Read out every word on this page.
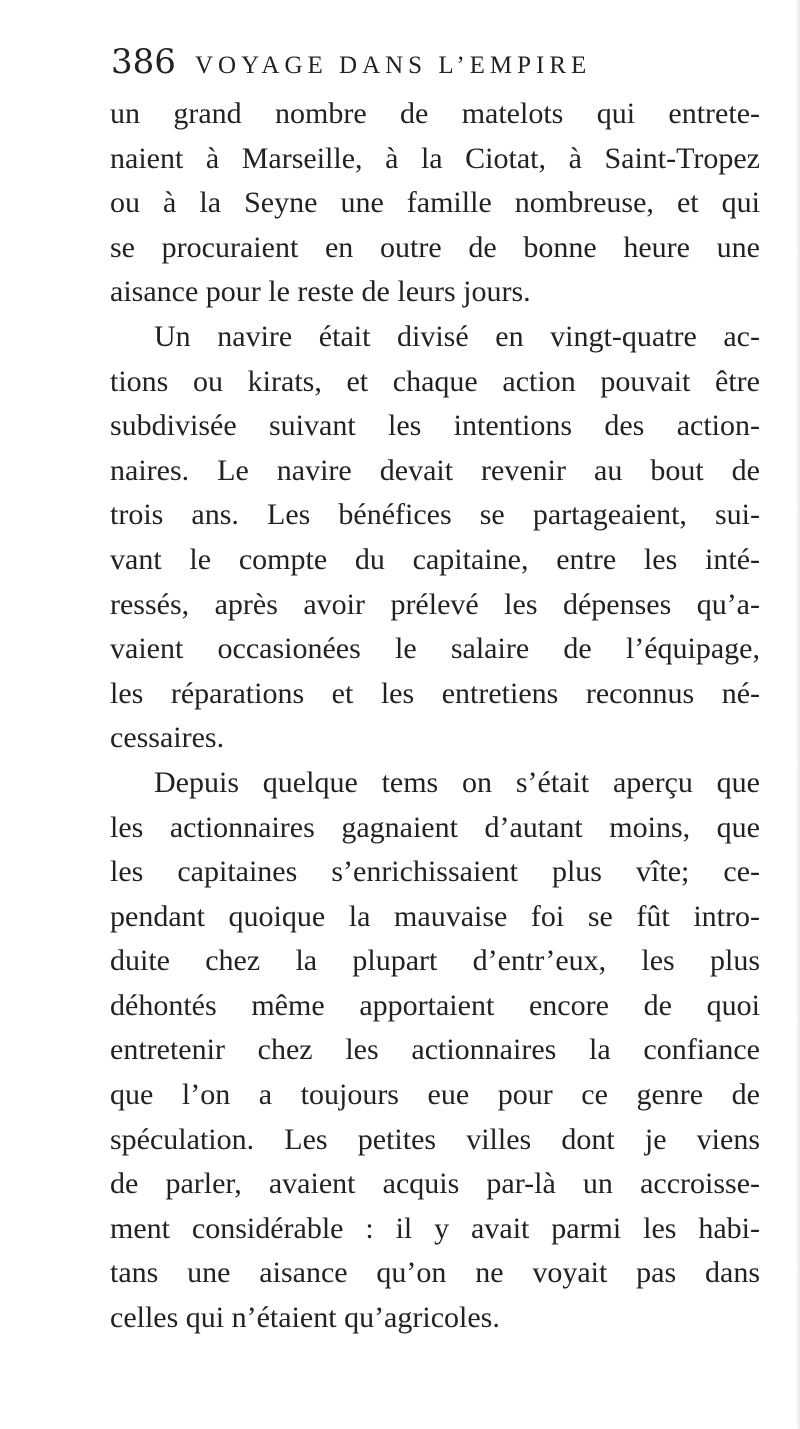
386 VOYAGE DANS L’EMPIRE
un grand nombre de matelots qui entrete-
naient à Marseille, à la Ciotat, à Saint-Tropez
ou à la Seyne une famille nombreuse, et qui
se procuraient en outre de bonne heure une
aisance pour le reste de leurs jours.
Un navire était divisé en vingt-quatre ac-
tions ou kirats, et chaque action pouvait être
subdivisée suivant les intentions des action-
naires. Le navire devait revenir au bout de
trois ans. Les bénéfices se partageaient, sui-
vant le compte du capitaine, entre les inté-
ressés, après avoir prélevé les dépenses qu’a-
vaient occasionées le salaire de l’équipage,
les réparations et les entretiens reconnus né-
cessaires.
Depuis quelque tems on s’était aperçu que
les actionnaires gagnaient d’autant moins, que
les capitaines s’enrichissaient plus vîte; ce-
pendant quoique la mauvaise foi se fût intro-
duite chez la plupart d’entr’eux, les plus
déhontés même apportaient encore de quoi
entretenir chez les actionnaires la confiance
que l’on a toujours eue pour ce genre de
spéculation. Les petites villes dont je viens
de parler, avaient acquis par-là un accroisse-
ment considérable : il y avait parmi les habi-
tans une aisance qu’on ne voyait pas dans
celles qui n’étaient qu’agricoles.
